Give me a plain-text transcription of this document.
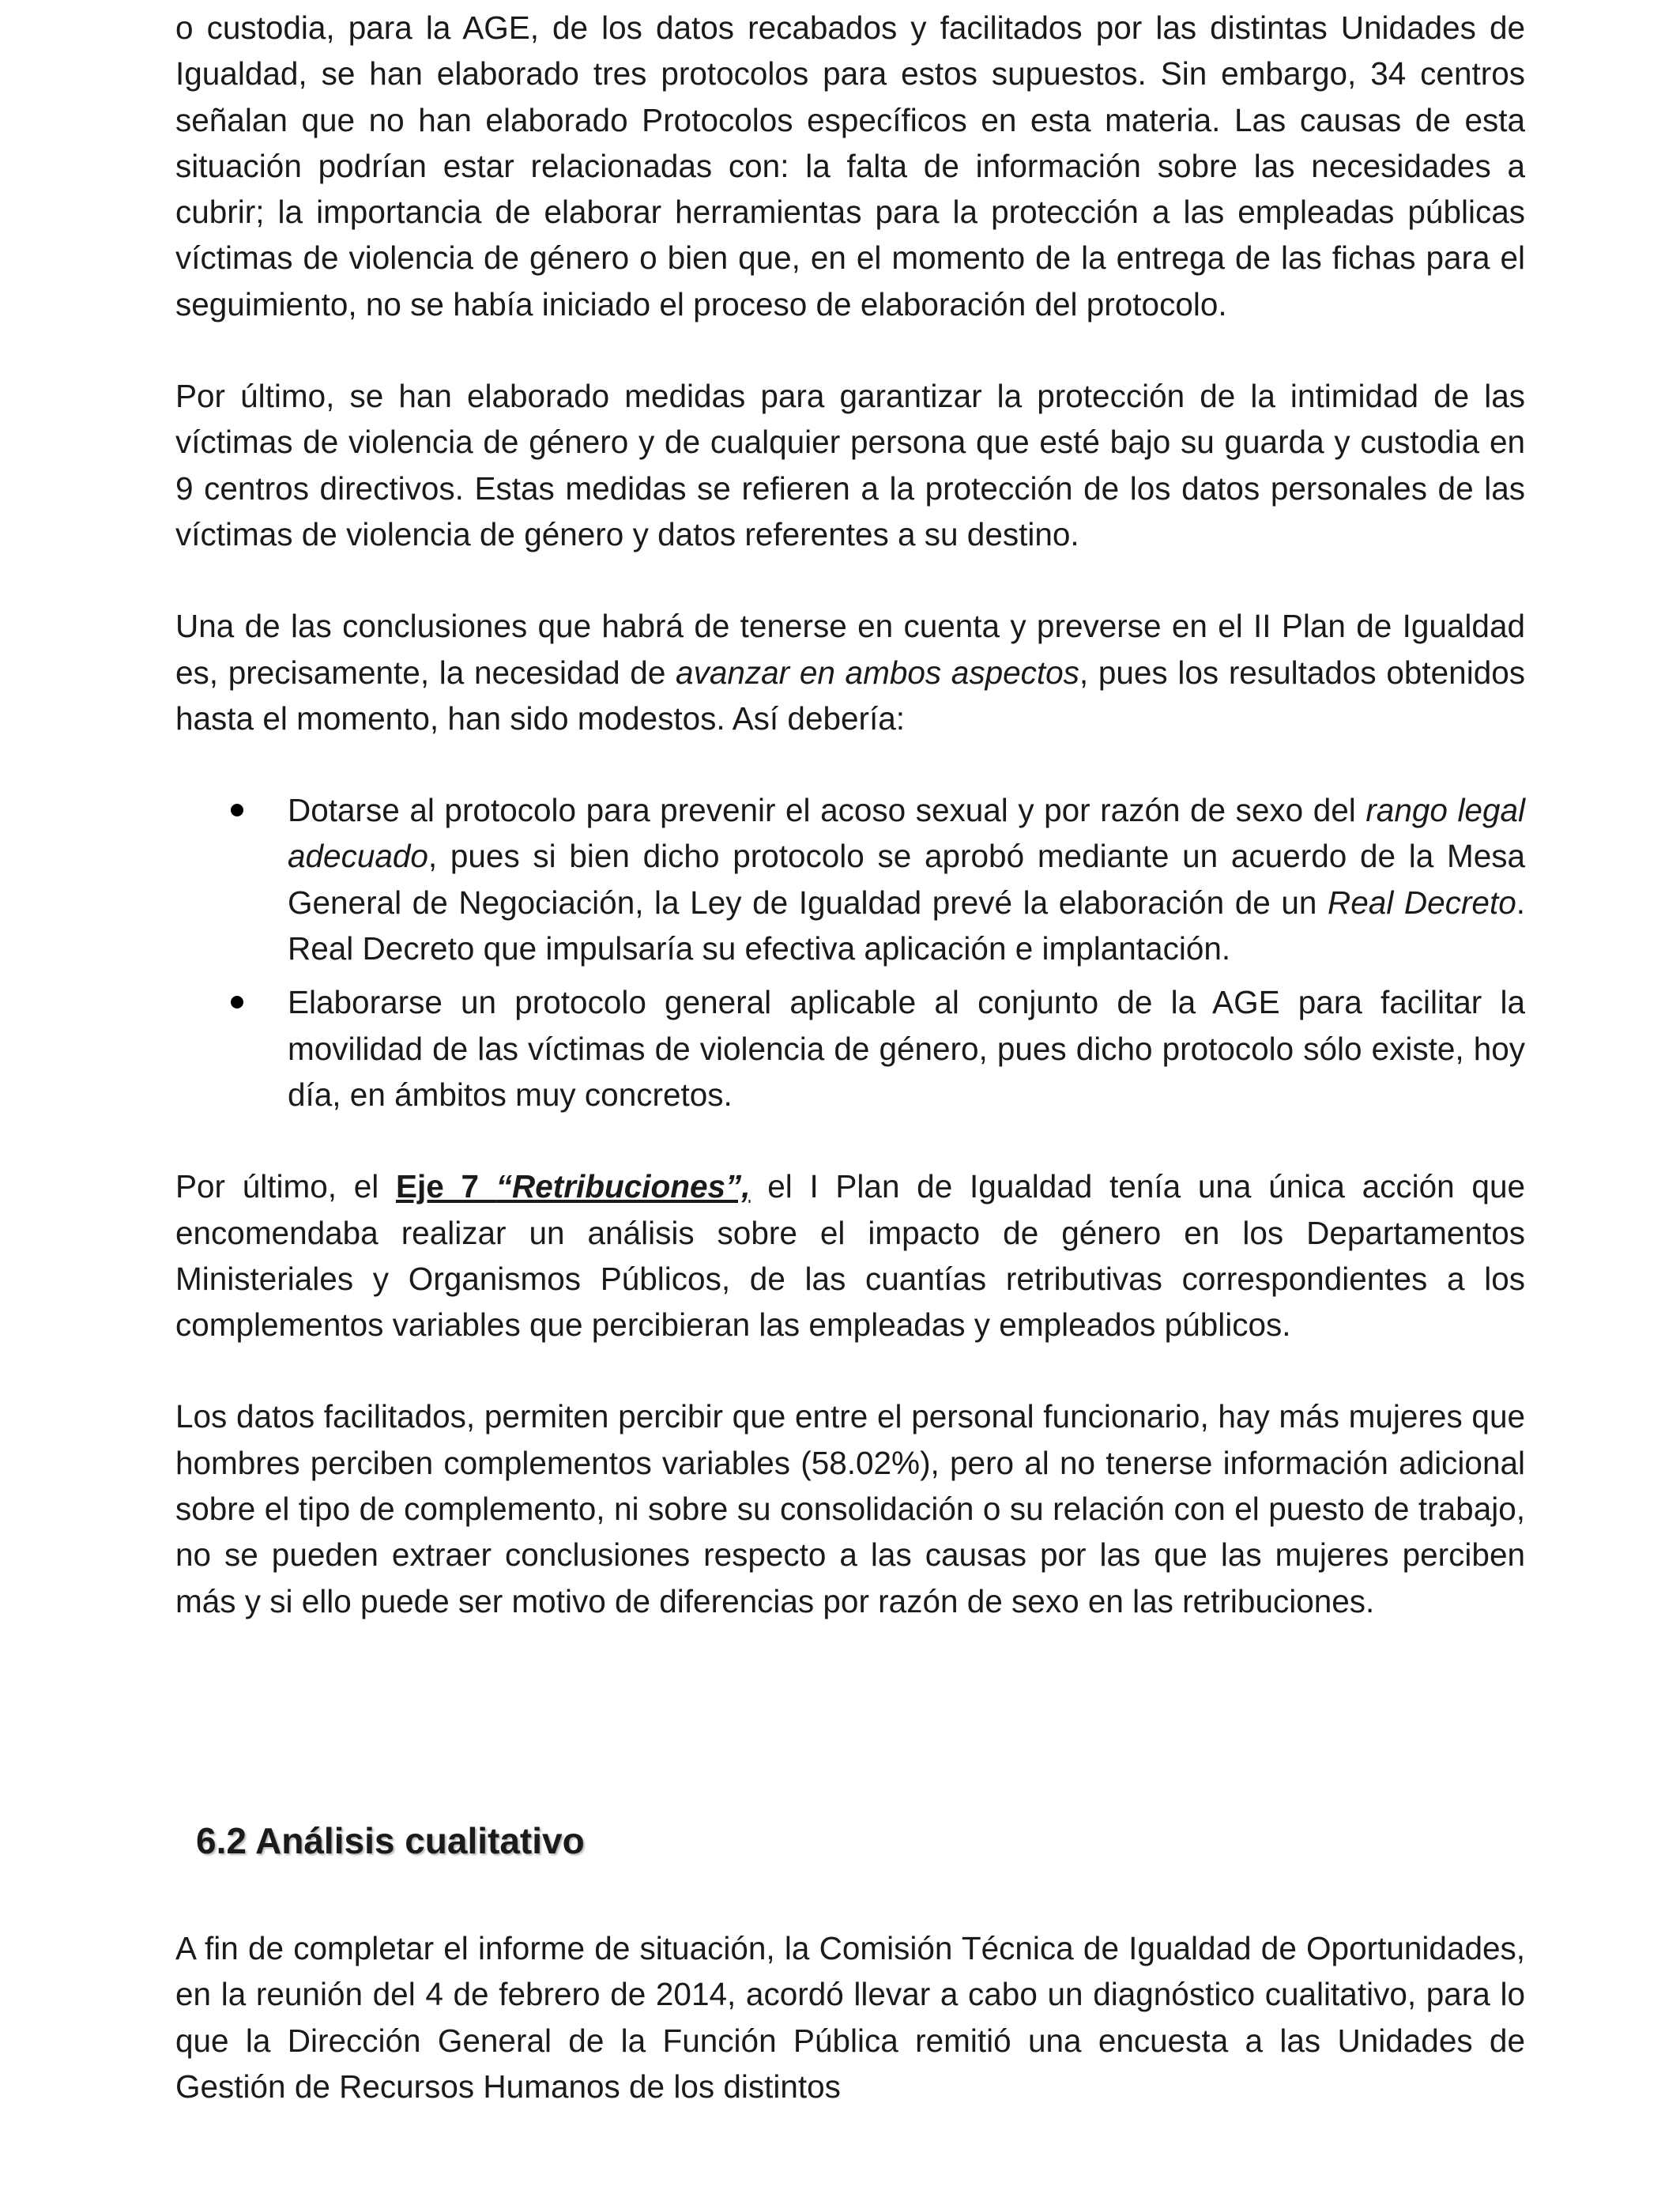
o custodia, para la AGE, de los datos recabados y facilitados por las distintas Unidades de Igualdad, se han elaborado tres protocolos para estos supuestos. Sin embargo, 34 centros señalan que no han elaborado Protocolos específicos en esta materia. Las causas de esta situación podrían estar relacionadas con: la falta de información sobre las necesidades a cubrir; la importancia de elaborar herramientas para la protección a las empleadas públicas víctimas de violencia de género o bien que, en el momento de la entrega de las fichas para el seguimiento, no se había iniciado el proceso de elaboración del protocolo.

Por último, se han elaborado medidas para garantizar la protección de la intimidad de las víctimas de violencia de género y de cualquier persona que esté bajo su guarda y custodia en 9 centros directivos. Estas medidas se refieren a la protección de los datos personales de las víctimas de violencia de género y datos referentes a su destino.

Una de las conclusiones que habrá de tenerse en cuenta y preverse en el II Plan de Igualdad es, precisamente, la necesidad de avanzar en ambos aspectos, pues los resultados obtenidos hasta el momento, han sido modestos. Así debería:

Dotarse al protocolo para prevenir el acoso sexual y por razón de sexo del rango legal adecuado, pues si bien dicho protocolo se aprobó mediante un acuerdo de la Mesa General de Negociación, la Ley de Igualdad prevé la elaboración de un Real Decreto. Real Decreto que impulsaría su efectiva aplicación e implantación.
Elaborarse un protocolo general aplicable al conjunto de la AGE para facilitar la movilidad de las víctimas de violencia de género, pues dicho protocolo sólo existe, hoy día, en ámbitos muy concretos.

Por último, el Eje 7 “Retribuciones”, el I Plan de Igualdad tenía una única acción que encomendaba realizar un análisis sobre el impacto de género en los Departamentos Ministeriales y Organismos Públicos, de las cuantías retributivas correspondientes a los complementos variables que percibieran las empleadas y empleados públicos.

Los datos facilitados, permiten percibir que entre el personal funcionario, hay más mujeres que hombres perciben complementos variables (58.02%), pero al no tenerse información adicional sobre el tipo de complemento, ni sobre su consolidación o su relación con el puesto de trabajo, no se pueden extraer conclusiones respecto a las causas por las que las mujeres perciben más y si ello puede ser motivo de diferencias por razón de sexo en las retribuciones.

6.2 Análisis cualitativo

A fin de completar el informe de situación, la Comisión Técnica de Igualdad de Oportunidades, en la reunión del 4 de febrero de 2014, acordó llevar a cabo un diagnóstico cualitativo, para lo que la Dirección General de la Función Pública remitió una encuesta a las Unidades de Gestión de Recursos Humanos de los distintos
